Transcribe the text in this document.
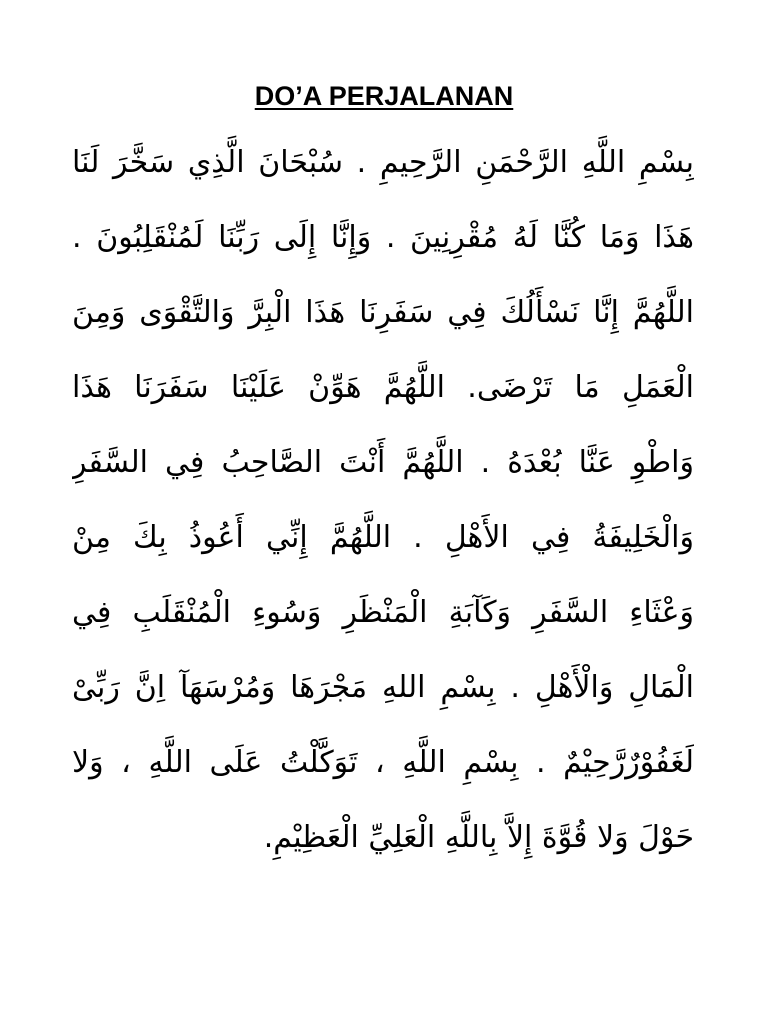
DO’A PERJALANAN
بِسْمِ اللَّهِ الرَّحْمَنِ الرَّحِيمِ . سُبْحَانَ الَّذِي سَخَّرَ لَنَا
هَذَا وَمَا كُنَّا لَهُ مُقْرِنِينَ . وَإِنَّا إِلَى رَبِّنَا لَمُنْقَلِبُونَ .
اللَّهُمَّ إِنَّا نَسْأَلُكَ فِي سَفَرِنَا هَذَا الْبِرَّ وَالتَّقْوَى وَمِنَ
الْعَمَلِ مَا تَرْضَى. اللَّهُمَّ هَوِّنْ عَلَيْنَا سَفَرَنَا هَذَا
وَاطْوِ عَنَّا بُعْدَهُ . اللَّهُمَّ أَنْتَ الصَّاحِبُ فِي السَّفَرِ
وَالْخَلِيفَةُ فِي الأَهْلِ . اللَّهُمَّ إِنِّي أَعُوذُ بِكَ مِنْ
وَعْثَاءِ السَّفَرِ وَكَآبَةِ الْمَنْظَرِ وَسُوءِ الْمُنْقَلَبِ فِي
الْمَالِ وَالْأَهْلِ . بِسْمِ اللهِ مَجْرَهَا وَمُرْسَهَآ اِنَّ رَبِّىْ
لَغَفُوْرٌرَّحِيْمٌ . بِسْمِ اللَّهِ ، تَوَكَّلْتُ عَلَى اللَّهِ ، وَلا
حَوْلَ وَلا قُوَّةَ إِلاَّ بِاللَّهِ الْعَلِيِّ الْعَظِيْمِ.
